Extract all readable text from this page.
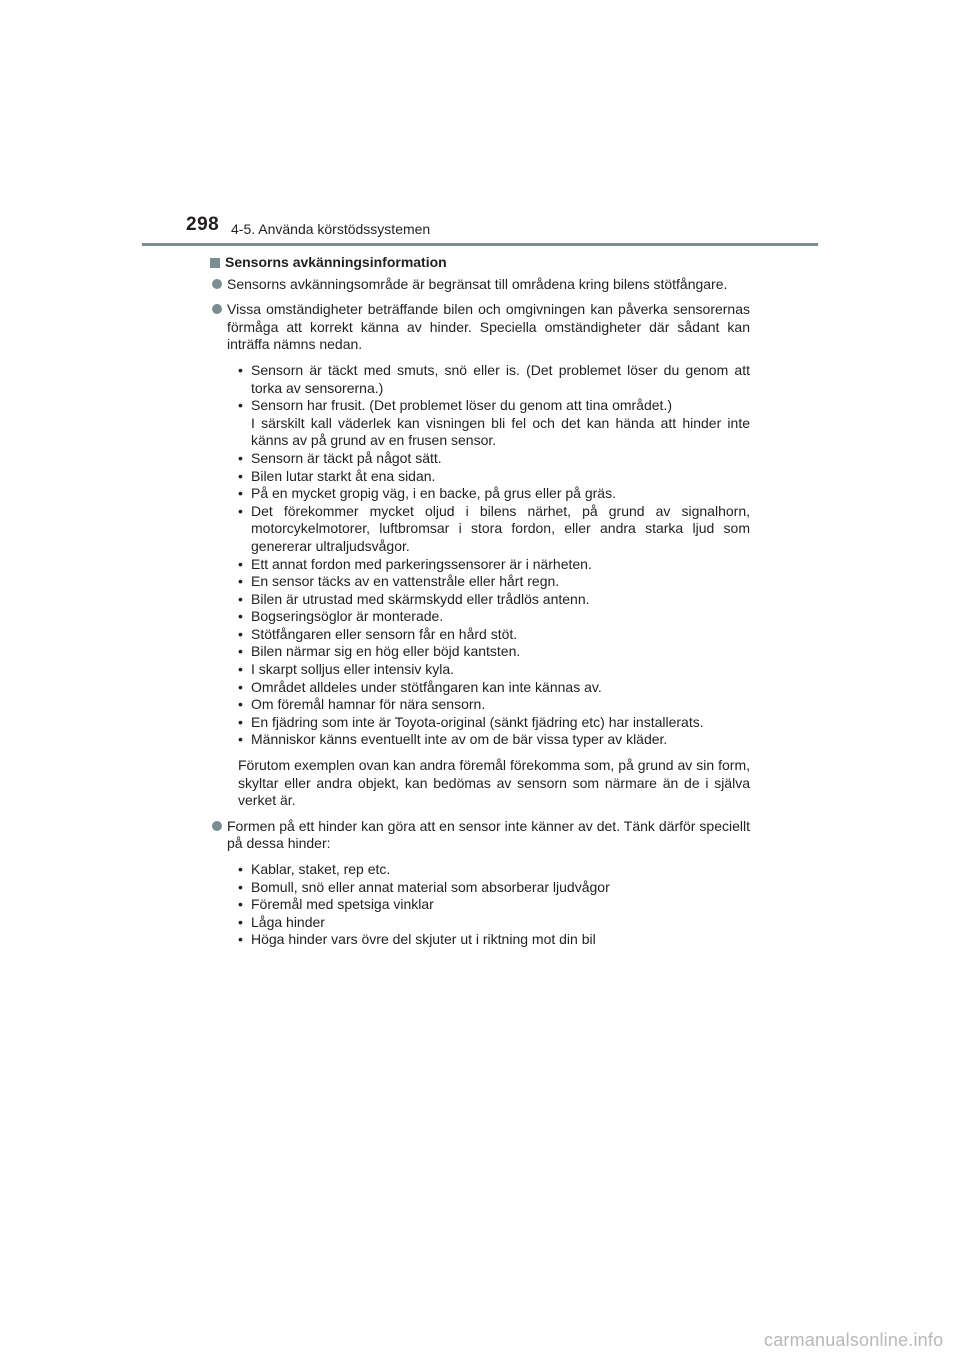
298 4-5. Använda körstödssystemen
Sensorns avkänningsinformation
Sensorns avkänningsområde är begränsat till områdena kring bilens stötfångare.
Vissa omständigheter beträffande bilen och omgivningen kan påverka sensorernas förmåga att korrekt känna av hinder. Speciella omständigheter där sådant kan inträffa nämns nedan.
• Sensorn är täckt med smuts, snö eller is. (Det problemet löser du genom att torka av sensorerna.)
• Sensorn har frusit. (Det problemet löser du genom att tina området.)
I särskilt kall väderlek kan visningen bli fel och det kan hända att hinder inte känns av på grund av en frusen sensor.
• Sensorn är täckt på något sätt.
• Bilen lutar starkt åt ena sidan.
• På en mycket gropig väg, i en backe, på grus eller på gräs.
• Det förekommer mycket oljud i bilens närhet, på grund av signalhorn, motorcykelmotorer, luftbromsar i stora fordon, eller andra starka ljud som genererar ultraljudsvågor.
• Ett annat fordon med parkeringssensorer är i närheten.
• En sensor täcks av en vattenstråle eller hårt regn.
• Bilen är utrustad med skärmskydd eller trådlös antenn.
• Bogseringsöglor är monterade.
• Stötfångaren eller sensorn får en hård stöt.
• Bilen närmar sig en hög eller böjd kantsten.
• I skarpt solljus eller intensiv kyla.
• Området alldeles under stötfångaren kan inte kännas av.
• Om föremål hamnar för nära sensorn.
• En fjädring som inte är Toyota-original (sänkt fjädring etc) har installerats.
• Människor känns eventuellt inte av om de bär vissa typer av kläder.
Förutom exemplen ovan kan andra föremål förekomma som, på grund av sin form, skyltar eller andra objekt, kan bedömas av sensorn som närmare än de i själva verket är.
Formen på ett hinder kan göra att en sensor inte känner av det. Tänk därför speciellt på dessa hinder:
• Kablar, staket, rep etc.
• Bomull, snö eller annat material som absorberar ljudvågor
• Föremål med spetsiga vinklar
• Låga hinder
• Höga hinder vars övre del skjuter ut i riktning mot din bil
carmanualsonline.info
